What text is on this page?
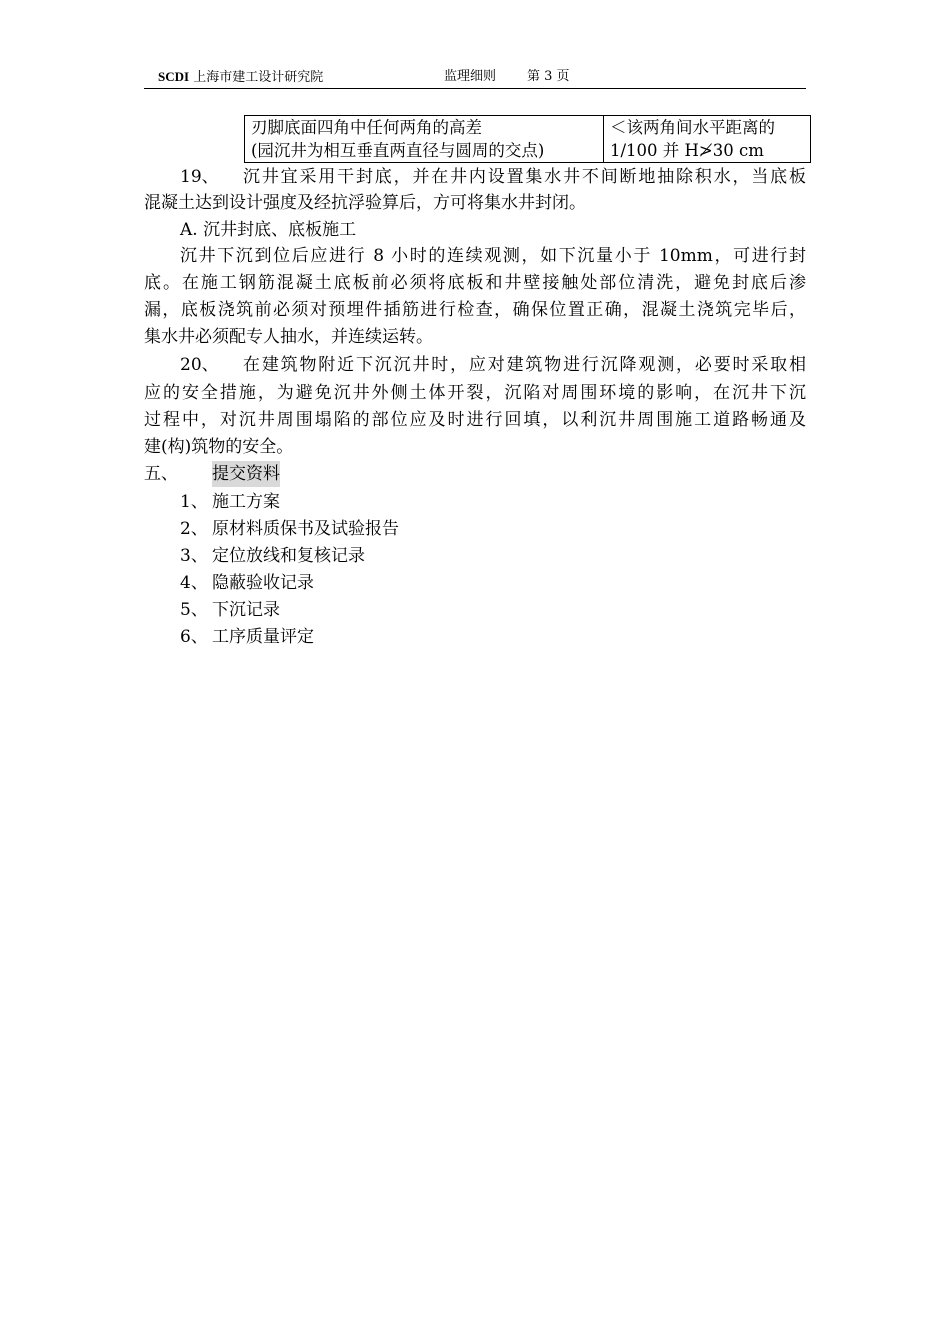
SCDI 上海市建工设计研究院	监理细则 第 3 页
刃脚底面四角中任何两角的高差
(园沉井为相互垂直两直径与圆周的交点)

＜该两角间水平距离的
1/100 并 H≯30 cm
19、 沉井宜采用干封底，并在井内设置集水井不间断地抽除积水，当底板
混凝土达到设计强度及经抗浮验算后，方可将集水井封闭。
A. 沉井封底、底板施工
沉井下沉到位后应进行 8 小时的连续观测，如下沉量小于 10mm，可进行封
底。在施工钢筋混凝土底板前必须将底板和井壁接触处部位清洗，避免封底后渗
漏，底板浇筑前必须对预埋件插筋进行检查，确保位置正确，混凝土浇筑完毕后，
集水井必须配专人抽水，并连续运转。
20、 在建筑物附近下沉沉井时，应对建筑物进行沉降观测，必要时采取相
应的安全措施，为避免沉井外侧土体开裂，沉陷对周围环境的影响，在沉井下沉
过程中，对沉井周围塌陷的部位应及时进行回填，以利沉井周围施工道路畅通及
建(构)筑物的安全。
五、 提交资料
1、 施工方案
2、 原材料质保书及试验报告
3、 定位放线和复核记录
4、 隐蔽验收记录
5、 下沉记录
6、 工序质量评定
